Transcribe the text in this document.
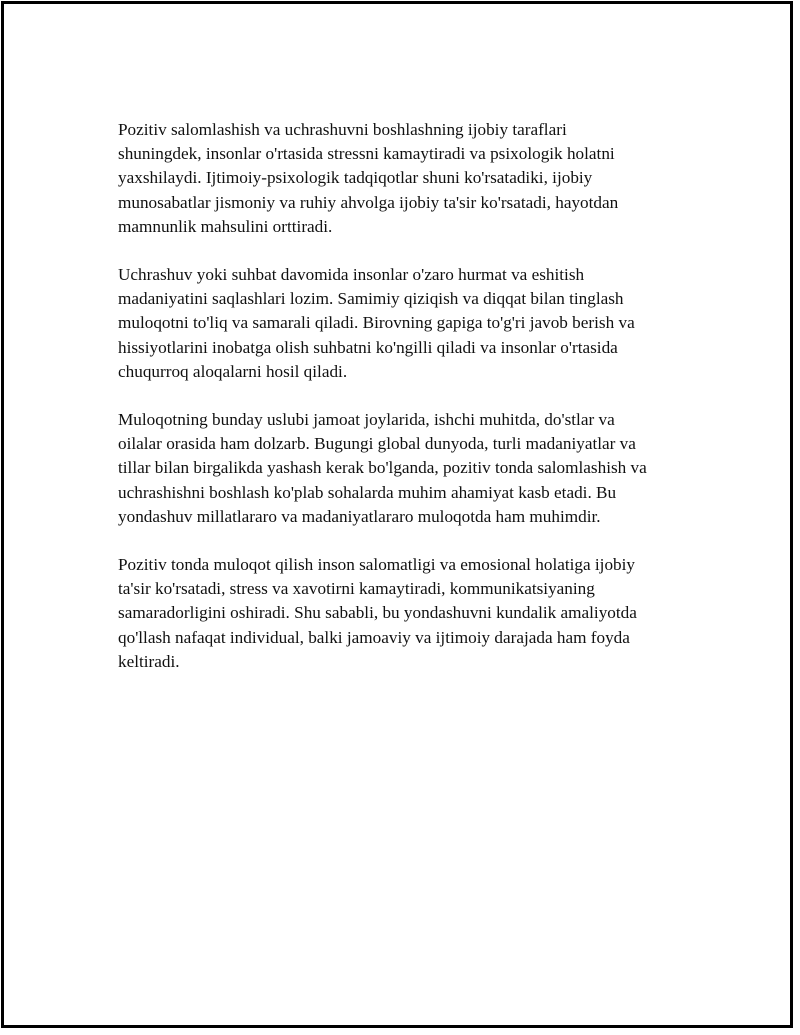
Pozitiv salomlashish va uchrashuvni boshlashning ijobiy taraflari
shuningdek, insonlar o'rtasida stressni kamaytiradi va psixologik holatni
yaxshilaydi. Ijtimoiy-psixologik tadqiqotlar shuni ko'rsatadiki, ijobiy
munosabatlar jismoniy va ruhiy ahvolga ijobiy ta'sir ko'rsatadi, hayotdan
mamnunlik mahsulini orttiradi.

Uchrashuv yoki suhbat davomida insonlar o'zaro hurmat va eshitish
madaniyatini saqlashlari lozim. Samimiy qiziqish va diqqat bilan tinglash
muloqotni to'liq va samarali qiladi. Birovning gapiga to'g'ri javob berish va
hissiyotlarini inobatga olish suhbatni ko'ngilli qiladi va insonlar o'rtasida
chuqurroq aloqalarni hosil qiladi.

Muloqotning bunday uslubi jamoat joylarida, ishchi muhitda, do'stlar va
oilalar orasida ham dolzarb. Bugungi global dunyoda, turli madaniyatlar va
tillar bilan birgalikda yashash kerak bo'lganda, pozitiv tonda salomlashish va
uchrashishni boshlash ko'plab sohalarda muhim ahamiyat kasb etadi. Bu
yondashuv millatlararo va madaniyatlararo muloqotda ham muhimdir.

Pozitiv tonda muloqot qilish inson salomatligi va emosional holatiga ijobiy
ta'sir ko'rsatadi, stress va xavotirni kamaytiradi, kommunikatsiyaning
samaradorligini oshiradi. Shu sababli, bu yondashuvni kundalik amaliyotda
qo'llash nafaqat individual, balki jamoaviy va ijtimoiy darajada ham foyda
keltiradi.
